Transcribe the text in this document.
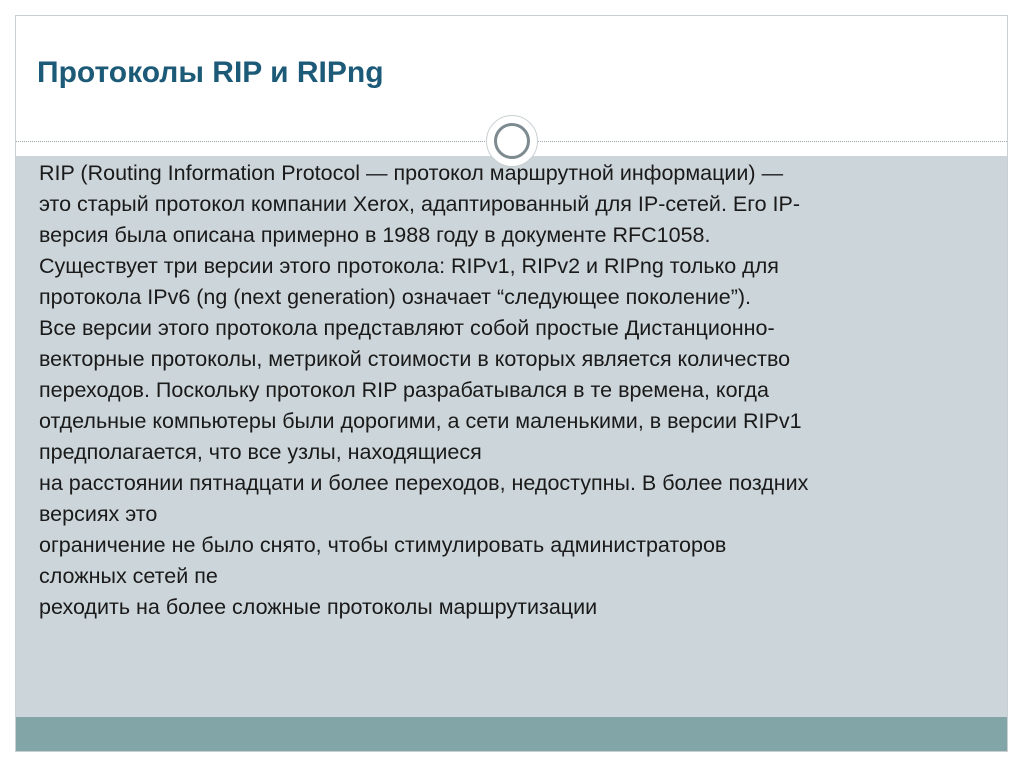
Протоколы RIP и RIPng
RIP (Routing Information Protocol — протокол маршрутной информации) —
это старый протокол компании Xerox, адаптированный для IP-сетей. Его IP-
версия была описана примерно в 1988 году в документе RFC1058.
Существует три версии этого протокола: RIPv1, RIPv2 и RIPng только для
протокола IPv6 (ng (next generation) означает “следующее поколение”).
Все версии этого протокола представляют собой простые Дистанционно-
векторные протоколы, метрикой стоимости в которых является количество
переходов. Поскольку протокол RIP разрабатывался в те времена, когда
отдельные компьютеры были дорогими, а сети маленькими, в версии RIPv1
предполагается, что все узлы, находящиеся
на расстоянии пятнадцати и более переходов, недоступны. В более поздних
версиях это
ограничение не было снято, чтобы стимулировать администраторов
сложных сетей пе
реходить на более сложные протоколы маршрутизации
